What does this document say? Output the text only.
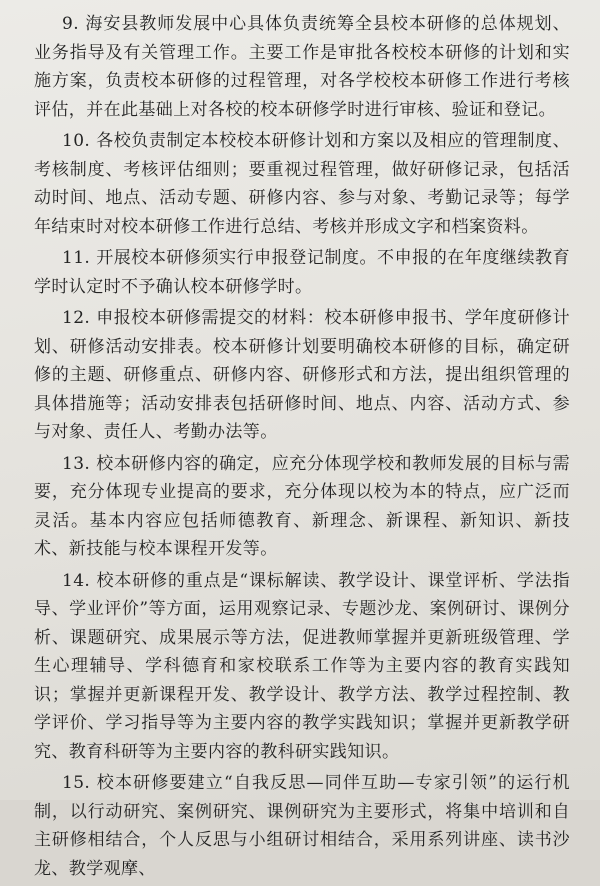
9. 海安县教师发展中心具体负责统筹全县校本研修的总体规划、业务指导及有关管理工作。主要工作是审批各校校本研修的计划和实施方案，负责校本研修的过程管理，对各学校校本研修工作进行考核评估，并在此基础上对各校的校本研修学时进行审核、验证和登记。

10. 各校负责制定本校校本研修计划和方案以及相应的管理制度、考核制度、考核评估细则；要重视过程管理，做好研修记录，包括活动时间、地点、活动专题、研修内容、参与对象、考勤记录等；每学年结束时对校本研修工作进行总结、考核并形成文字和档案资料。

11. 开展校本研修须实行申报登记制度。不申报的在年度继续教育学时认定时不予确认校本研修学时。

12. 申报校本研修需提交的材料：校本研修申报书、学年度研修计划、研修活动安排表。校本研修计划要明确校本研修的目标，确定研修的主题、研修重点、研修内容、研修形式和方法，提出组织管理的具体措施等；活动安排表包括研修时间、地点、内容、活动方式、参与对象、责任人、考勤办法等。

13. 校本研修内容的确定，应充分体现学校和教师发展的目标与需要，充分体现专业提高的要求，充分体现以校为本的特点，应广泛而灵活。基本内容应包括师德教育、新理念、新课程、新知识、新技术、新技能与校本课程开发等。

14. 校本研修的重点是“课标解读、教学设计、课堂评析、学法指导、学业评价”等方面，运用观察记录、专题沙龙、案例研讨、课例分析、课题研究、成果展示等方法，促进教师掌握并更新班级管理、学生心理辅导、学科德育和家校联系工作等为主要内容的教育实践知识；掌握并更新课程开发、教学设计、教学方法、教学过程控制、教学评价、学习指导等为主要内容的教学实践知识；掌握并更新教学研究、教育科研等为主要内容的教科研实践知识。

15. 校本研修要建立“自我反思—同伴互助—专家引领”的运行机制，以行动研究、案例研究、课例研究为主要形式，将集中培训和自主研修相结合，个人反思与小组研讨相结合，采用系列讲座、读书沙龙、教学观摩、
